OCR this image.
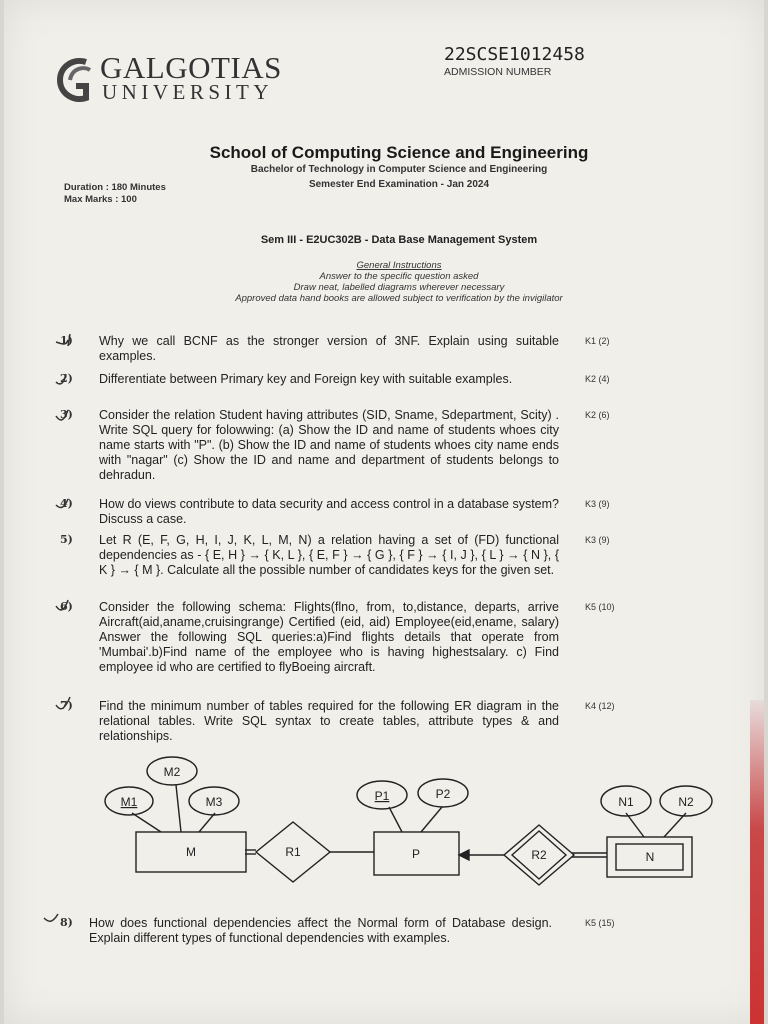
GALGOTIAS
UNIVERSITY
22SCSE1012458
ADMISSION NUMBER
School of Computing Science and Engineering
Bachelor of Technology in Computer Science and Engineering
Semester End Examination - Jan 2024
Duration : 180 Minutes
Max Marks : 100
Sem III - E2UC302B - Data Base Management System
General Instructions
Answer to the specific question asked
Draw neat, labelled diagrams wherever necessary
Approved data hand books are allowed subject to verification by the invigilator
1) Why we call BCNF as the stronger version of 3NF. Explain using suitable examples.
K1 (2)
2) Differentiate between Primary key and Foreign key with suitable examples.	K2 (4)
3) Consider the relation Student having attributes (SID, Sname, Sdepartment, Scity) . Write SQL query for folowwing: (a) Show the ID and name of students whoes city name starts with "P". (b) Show the ID and name of students whoes city name ends with "nagar" (c) Show the ID and name and department of students belongs to dehradun.
K2 (6)
4) How do views contribute to data security and access control in a database system? Discuss a case.
K3 (9)
5) Let R (E, F, G, H, I, J, K, L, M, N) a relation having a set of (FD) functional dependencies as - { E, H } → { K, L }, { E, F } → { G }, { F } → { I, J }, { L } → { N }, { K } → { M }. Calculate all the possible number of candidates keys for the given set.
K3 (9)
6) Consider the following schema: Flights(flno, from, to,distance, departs, arrive Aircraft(aid,aname,cruisingrange) Certified (eid, aid) Employee(eid,ename, salary) Answer the following SQL queries:a)Find flights details that operate from 'Mumbai'.b)Find name of the employee who is having highestsalary. c) Find employee id who are certified to flyBoeing aircraft.
K5 (10)
7) Find the minimum number of tables required for the following ER diagram in the relational tables. Write SQL syntax to create tables, attribute types & and relationships.
K4 (12)
M2
M1	M3	P1	P2
N1	N2
M	P	N
R1	R2
8) How does functional dependencies affect the Normal form of Database design. Explain different types of functional dependencies with examples.
K5 (15)
